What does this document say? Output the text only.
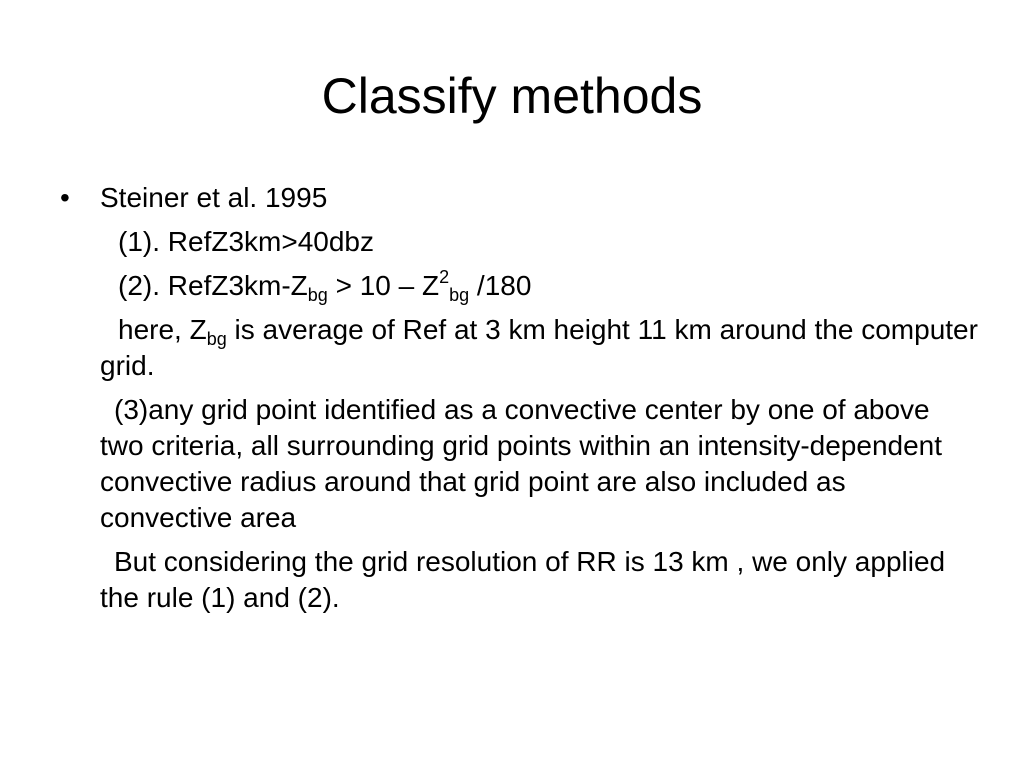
Classify methods
• Steiner et al. 1995

(1). RefZ3km>40dbz

(2). $RefZ3km-Z_{bg} > 10 - Z^2_{bg}$ /180

here, $Z_{bg}$ is average of Ref at 3 km height 11 km around the computer grid.

(3)any grid point identified as a convective center by one of above two criteria, all surrounding grid points within an intensity-dependent convective radius around that grid point are also included as convective area

But considering the grid resolution of RR is 13 km , we only applied the rule (1) and (2).
